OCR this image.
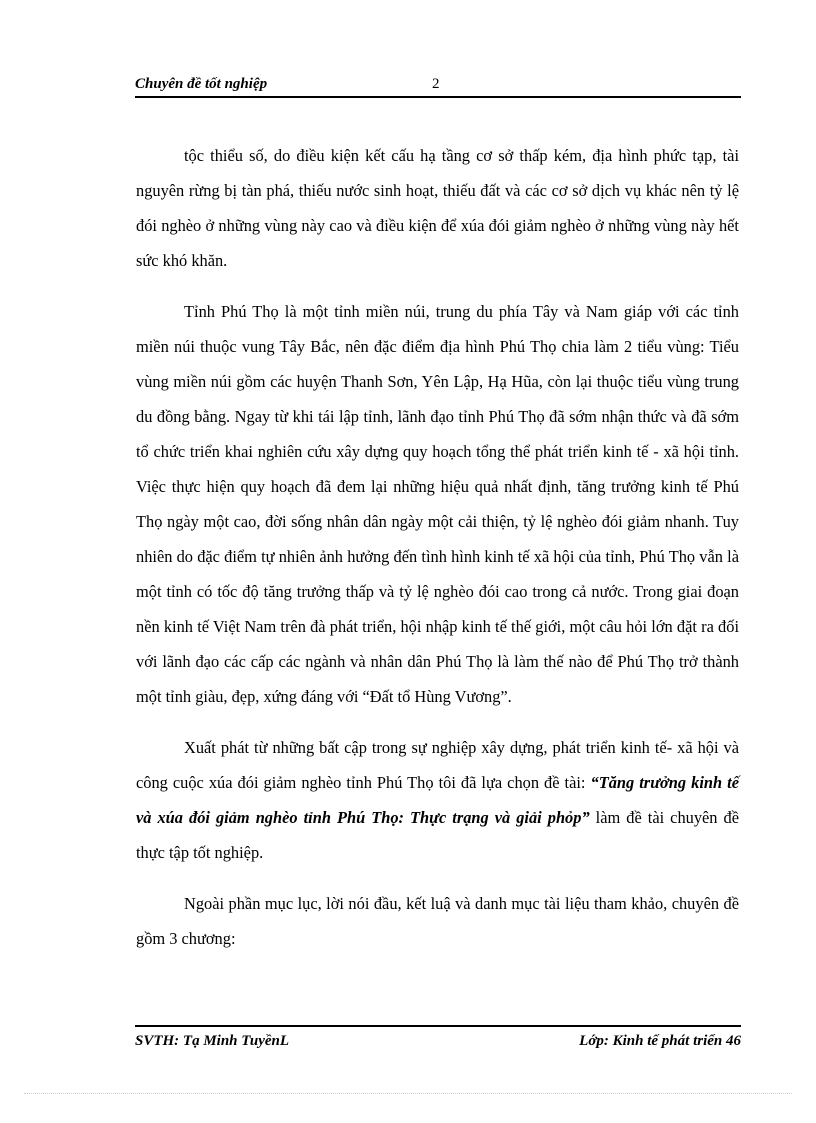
Chuyên đề tốt nghiệp	2

tộc thiểu số, do điều kiện kết cấu hạ tầng cơ sở thấp kém, địa hình phức tạp, tài nguyên rừng bị tàn phá, thiếu nước sinh hoạt, thiếu đất và các cơ sở dịch vụ khác nên tỷ lệ đói nghèo ở những vùng này cao và điều kiện để xúa đói giảm nghèo ở những vùng này hết sức khó khăn.

Tỉnh Phú Thọ là một tỉnh miền núi, trung du phía Tây và Nam giáp với các tỉnh miền núi thuộc vung Tây Bắc, nên đặc điểm địa hình Phú Thọ chia làm 2 tiểu vùng: Tiểu vùng miền núi gồm các huyện Thanh Sơn, Yên Lập, Hạ Hũa, còn lại thuộc tiểu vùng trung du đồng bằng. Ngay từ khi tái lập tỉnh, lãnh đạo tỉnh Phú Thọ đã sớm nhận thức và đã sớm tổ chức triển khai nghiên cứu xây dựng quy hoạch tổng thể phát triển kinh tế - xã hội tỉnh. Việc thực hiện quy hoạch đã đem lại những hiệu quả nhất định, tăng trưởng kinh tế Phú Thọ ngày một cao, đời sống nhân dân ngày một cải thiện, tỷ lệ nghèo đói giảm nhanh. Tuy nhiên do đặc điểm tự nhiên ảnh hưởng đến tình hình kinh tế xã hội của tỉnh, Phú Thọ vẫn là một tỉnh có tốc độ tăng trưởng thấp và tỷ lệ nghèo đói cao trong cả nước. Trong giai đoạn nền kinh tế Việt Nam trên đà phát triển, hội nhập kinh tế thế giới, một câu hỏi lớn đặt ra đối với lãnh đạo các cấp các ngành và nhân dân Phú Thọ là làm thế nào để Phú Thọ trở thành một tỉnh giàu, đẹp, xứng đáng với “Đất tổ Hùng Vương”.

Xuất phát từ những bất cập trong sự nghiệp xây dựng, phát triển kinh tế- xã hội và công cuộc xúa đói giảm nghèo tỉnh Phú Thọ tôi đã lựa chọn đề tài: “Tăng trưởng kinh tế và xúa đói giảm nghèo tỉnh Phú Thọ: Thực trạng và giải phỏp” làm đề tài chuyên đề thực tập tốt nghiệp.

Ngoài phần mục lục, lời nói đầu, kết luậ và danh mục tài liệu tham khảo, chuyên đề gồm 3 chương:

SVTH: Tạ Minh TuyềnL	Lớp: Kinh tế phát triển 46
